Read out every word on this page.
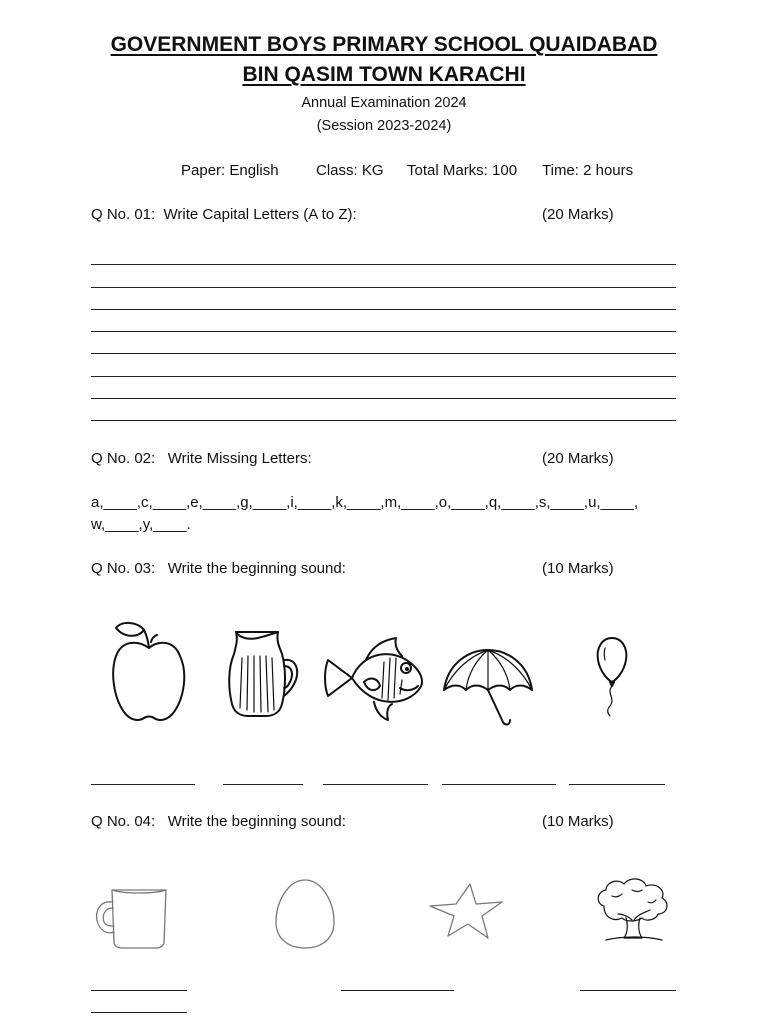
GOVERNMENT BOYS PRIMARY SCHOOL QUAIDABAD
BIN QASIM TOWN KARACHI
Annual Examination 2024
(Session 2023-2024)
Paper: English Class: KG Total Marks: 100 Time: 2 hours
Q No. 01:  Write Capital Letters (A to Z):	(20 Marks)
Q No. 02:   Write Missing Letters:	(20 Marks)
a,____,c,____,e,____,g,____,i,____,k,____,m,____,o,____,q,____,s,____,u,____,
w,____,y,____.
Q No. 03:   Write the beginning sound:	(10 Marks)
Q No. 04:   Write the beginning sound:	(10 Marks)
